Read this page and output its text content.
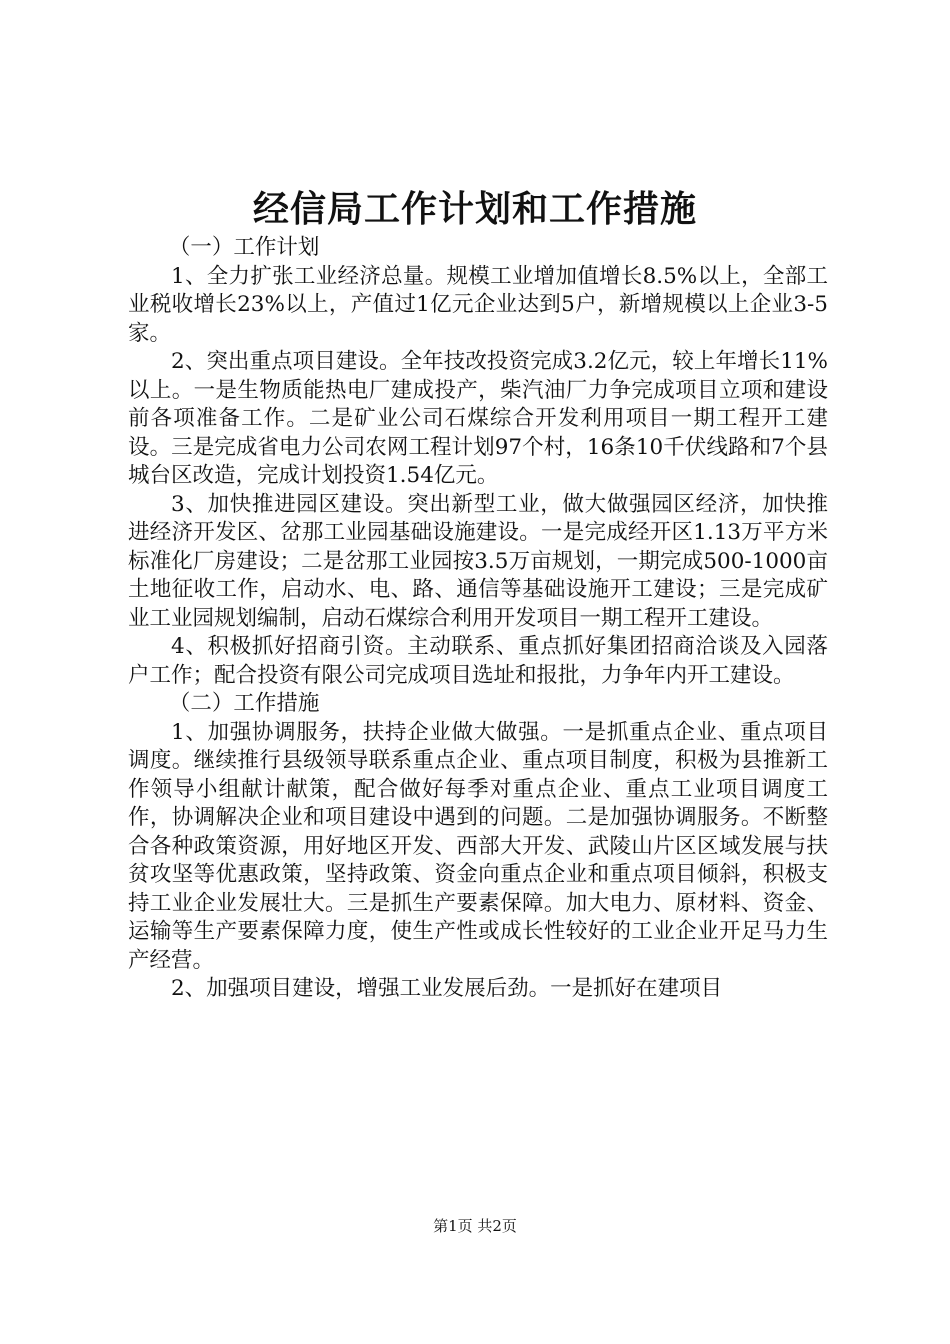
经信局工作计划和工作措施

（一）工作计划

1、全力扩张工业经济总量。规模工业增加值增长8.5%以上，全部工业税收增长23%以上，产值过1亿元企业达到5户，新增规模以上企业3-5家。

2、突出重点项目建设。全年技改投资完成3.2亿元，较上年增长11%以上。一是生物质能热电厂建成投产，柴汽油厂力争完成项目立项和建设前各项准备工作。二是矿业公司石煤综合开发利用项目一期工程开工建设。三是完成省电力公司农网工程计划97个村，16条10千伏线路和7个县城台区改造，完成计划投资1.54亿元。

3、加快推进园区建设。突出新型工业，做大做强园区经济，加快推进经济开发区、岔那工业园基础设施建设。一是完成经开区1.13万平方米标准化厂房建设；二是岔那工业园按3.5万亩规划，一期完成500-1000亩土地征收工作，启动水、电、路、通信等基础设施开工建设；三是完成矿业工业园规划编制，启动石煤综合利用开发项目一期工程开工建设。

4、积极抓好招商引资。主动联系、重点抓好集团招商洽谈及入园落户工作；配合投资有限公司完成项目选址和报批，力争年内开工建设。

（二）工作措施

1、加强协调服务，扶持企业做大做强。一是抓重点企业、重点项目调度。继续推行县级领导联系重点企业、重点项目制度，积极为县推新工作领导小组献计献策，配合做好每季对重点企业、重点工业项目调度工作，协调解决企业和项目建设中遇到的问题。二是加强协调服务。不断整合各种政策资源，用好地区开发、西部大开发、武陵山片区区域发展与扶贫攻坚等优惠政策，坚持政策、资金向重点企业和重点项目倾斜，积极支持工业企业发展壮大。三是抓生产要素保障。加大电力、原材料、资金、运输等生产要素保障力度，使生产性或成长性较好的工业企业开足马力生产经营。

2、加强项目建设，增强工业发展后劲。一是抓好在建项目

第1页 共2页
